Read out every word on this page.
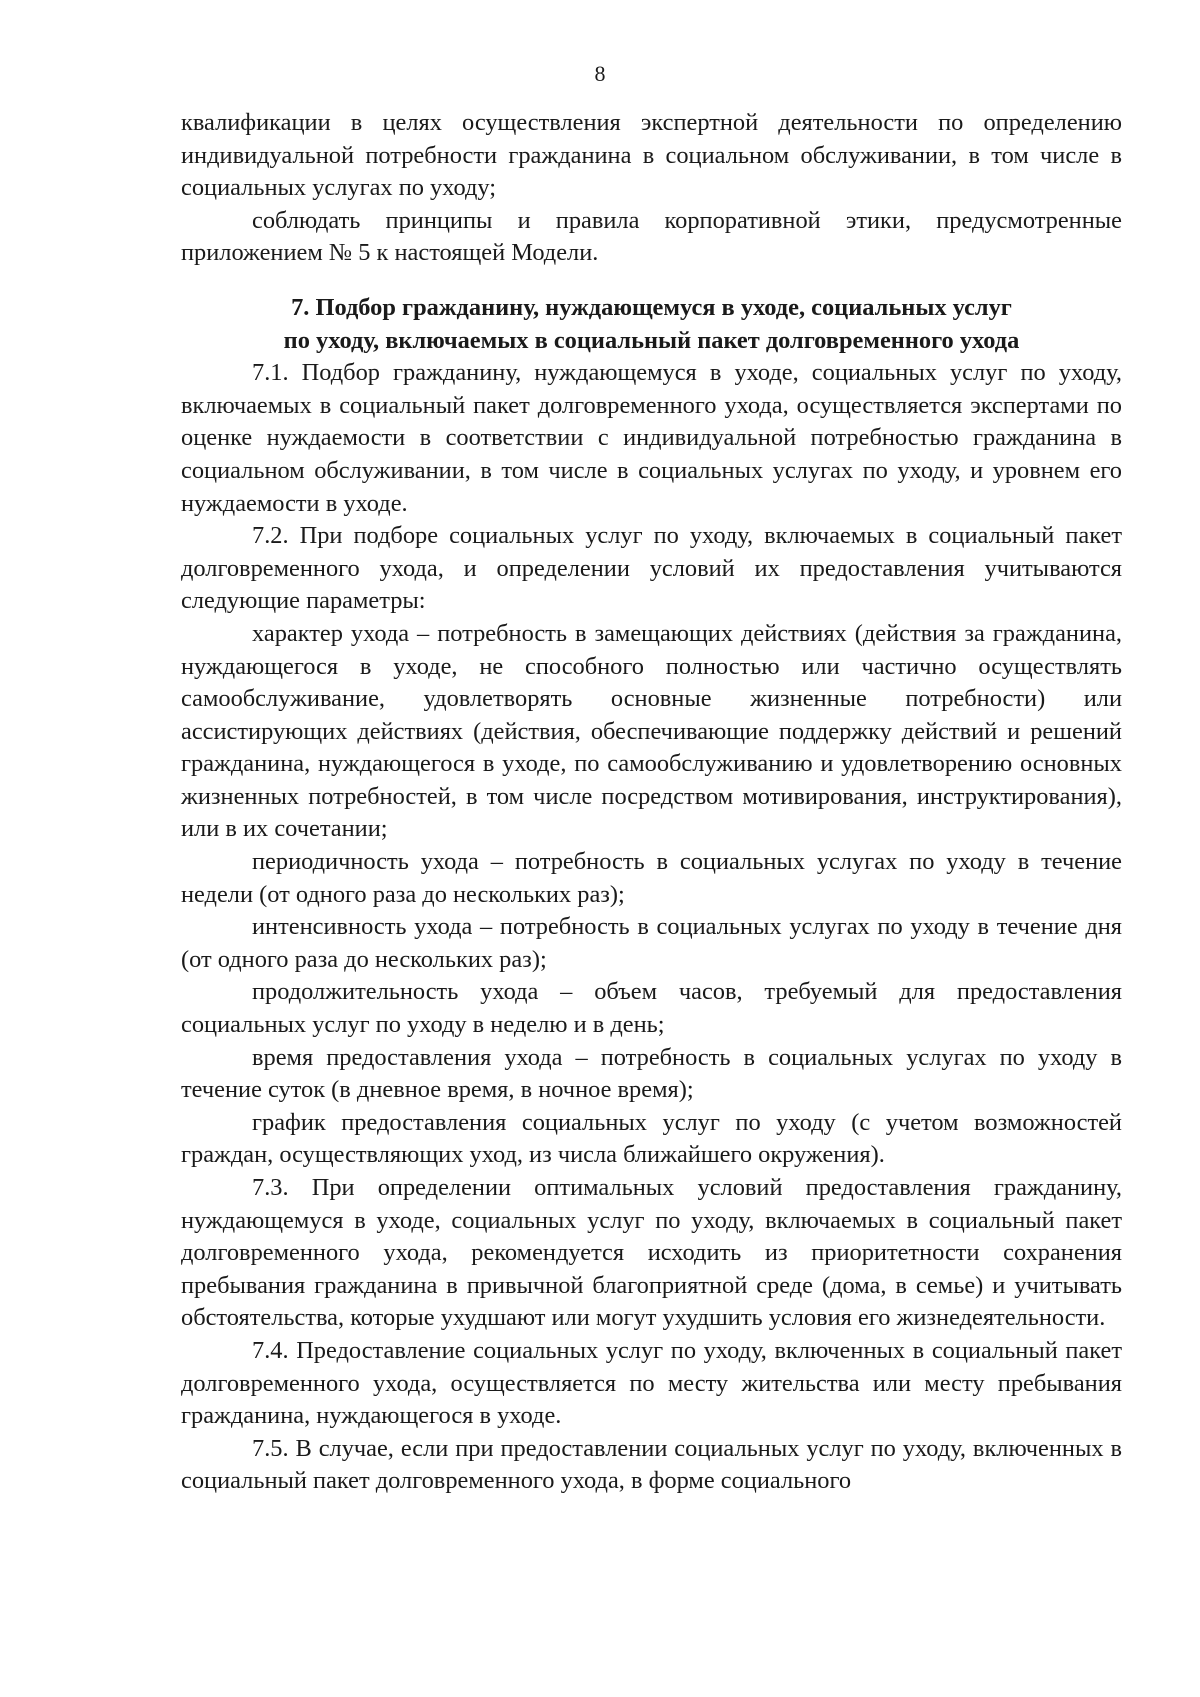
8

квалификации в целях осуществления экспертной деятельности по определению индивидуальной потребности гражданина в социальном обслуживании, в том числе в социальных услугах по уходу;

соблюдать принципы и правила корпоративной этики, предусмотренные приложением № 5 к настоящей Модели.

7. Подбор гражданину, нуждающемуся в уходе, социальных услуг
по уходу, включаемых в социальный пакет долговременного ухода

7.1. Подбор гражданину, нуждающемуся в уходе, социальных услуг по уходу, включаемых в социальный пакет долговременного ухода, осуществляется экспертами по оценке нуждаемости в соответствии с индивидуальной потребностью гражданина в социальном обслуживании, в том числе в социальных услугах по уходу, и уровнем его нуждаемости в уходе.

7.2. При подборе социальных услуг по уходу, включаемых в социальный пакет долговременного ухода, и определении условий их предоставления учитываются следующие параметры:

характер ухода – потребность в замещающих действиях (действия за гражданина, нуждающегося в уходе, не способного полностью или частично осуществлять самообслуживание, удовлетворять основные жизненные потребности) или ассистирующих действиях (действия, обеспечивающие поддержку действий и решений гражданина, нуждающегося в уходе, по самообслуживанию и удовлетворению основных жизненных потребностей, в том числе посредством мотивирования, инструктирования), или в их сочетании;

периодичность ухода – потребность в социальных услугах по уходу в течение недели (от одного раза до нескольких раз);

интенсивность ухода – потребность в социальных услугах по уходу в течение дня (от одного раза до нескольких раз);

продолжительность ухода – объем часов, требуемый для предоставления социальных услуг по уходу в неделю и в день;

время предоставления ухода – потребность в социальных услугах по уходу в течение суток (в дневное время, в ночное время);

график предоставления социальных услуг по уходу (с учетом возможностей граждан, осуществляющих уход, из числа ближайшего окружения).

7.3. При определении оптимальных условий предоставления гражданину, нуждающемуся в уходе, социальных услуг по уходу, включаемых в социальный пакет долговременного ухода, рекомендуется исходить из приоритетности сохранения пребывания гражданина в привычной благоприятной среде (дома, в семье) и учитывать обстоятельства, которые ухудшают или могут ухудшить условия его жизнедеятельности.

7.4. Предоставление социальных услуг по уходу, включенных в социальный пакет долговременного ухода, осуществляется по месту жительства или месту пребывания гражданина, нуждающегося в уходе.

7.5. В случае, если при предоставлении социальных услуг по уходу, включенных в социальный пакет долговременного ухода, в форме социального
